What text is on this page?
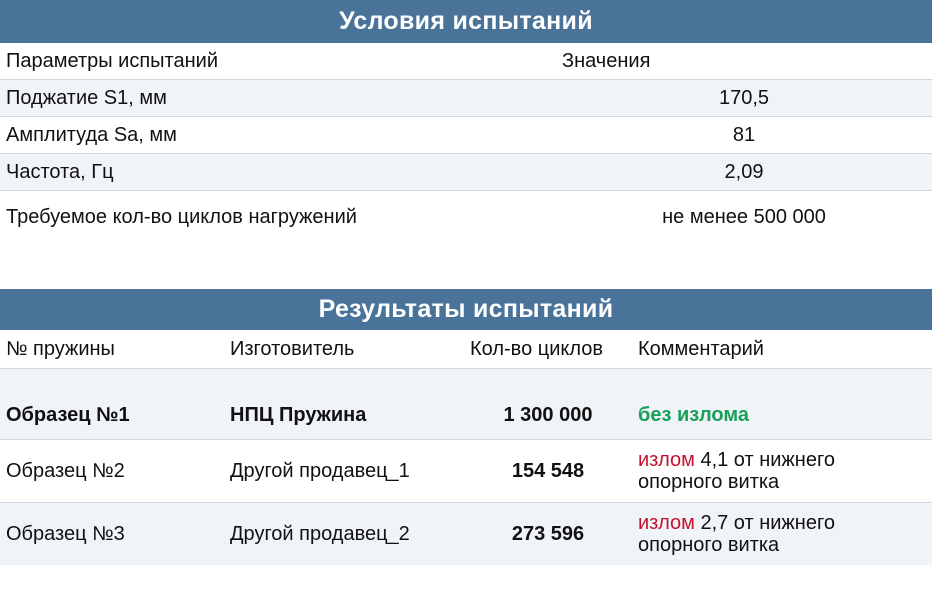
Условия испытаний
Параметры испытаний	Значения
Поджатие S1, мм	170,5
Амплитуда Sa, мм	81
Частота, Гц	2,09
Требуемое кол-во циклов нагружений	не менее 500 000
Результаты испытаний
№ пружины	Изготовитель	Кол-во циклов	Комментарий

Образец №1	НПЦ Пружина	1 300 000	без излома
Образец №2	Другой продавец_1	154 548	излом 4,1 от нижнего
опорного витка
Образец №3	Другой продавец_2	273 596	излом 2,7 от нижнего
опорного витка
